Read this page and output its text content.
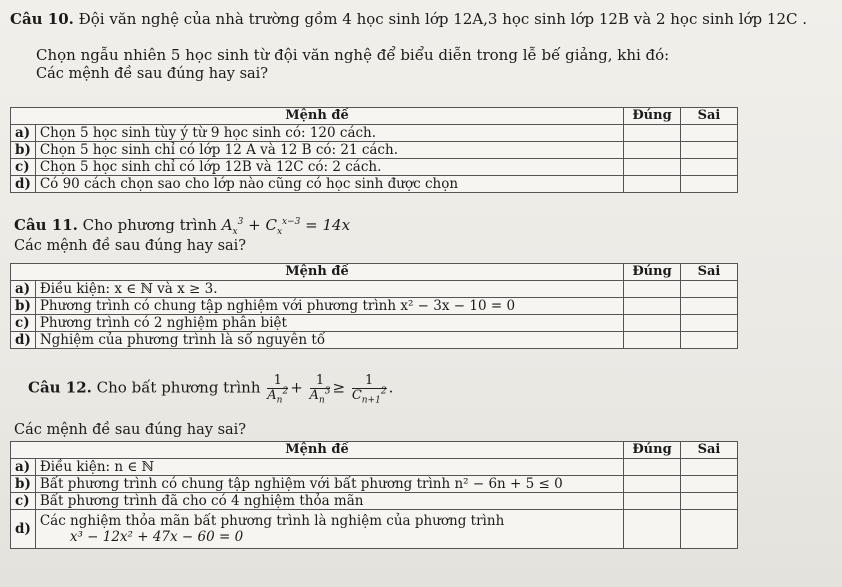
Câu 10. Đội văn nghệ của nhà trường gồm 4 học sinh lớp 12A,3 học sinh lớp 12B và 2 học sinh lớp 12C .
Chọn ngẫu nhiên 5 học sinh từ đội văn nghệ để biểu diễn trong lễ bế giảng, khi đó:
Các mệnh đề sau đúng hay sai?
Mệnh đề		Đúng	Sai
a)	Chọn 5 học sinh tùy ý từ 9 học sinh có: 120 cách.		
b)	Chọn 5 học sinh chỉ có lớp 12 A và 12 B có: 21 cách.		
c)	Chọn 5 học sinh chỉ có lớp 12B và 12C có: 2 cách.		
d)	Có 90 cách chọn sao cho lớp nào cũng có học sinh được chọn		
Câu 11. Cho phương trình $A_x^3 + C_x^{x-3} = 14x$
Các mệnh đề sau đúng hay sai?
Mệnh đề		Đúng	Sai
a)	Điều kiện: x ∈ ℕ và x ≥ 3.		
b)	Phương trình có chung tập nghiệm với phương trình x² − 3x − 10 = 0		
c)	Phương trình có 2 nghiệm phân biệt		
d)	Nghiệm của phương trình là số nguyên tố		
Câu 12. Cho bất phương trình $\frac{1}{A_n^2} + \frac{1}{A_n^3} \ge \frac{1}{C_{n+1}^2}$ .
Các mệnh đề sau đúng hay sai?
Mệnh đề		Đúng	Sai
a)	Điều kiện: n ∈ ℕ		
b)	Bất phương trình có chung tập nghiệm với bất phương trình n² − 6n + 5 ≤ 0		
c)	Bất phương trình đã cho có 4 nghiệm thỏa mãn		
d)	Các nghiệm thỏa mãn bất phương trình là nghiệm của phương trình
x³ − 12x² + 47x − 60 = 0		
